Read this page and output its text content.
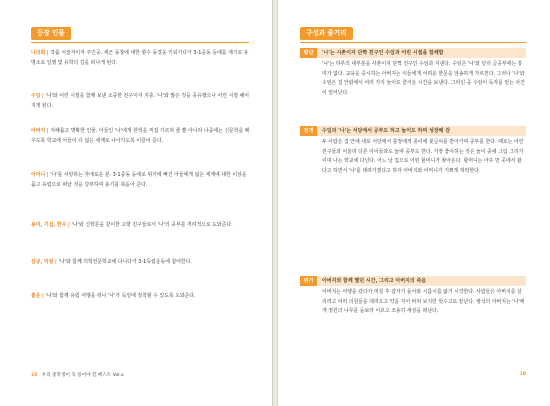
등장 인물
나의회 | 작품 서술자이자 주인공. 세군 동창에 대한 향수 동경을 키워가다가 3-1중동 등에를 계기로 유명소로 일했 및 유학의 길을 떠나게 된다.
수임 | '나'와 어린 시절을 함께 보낸 소중한 친구이자 지층. '나'와 많은 것을 공유했으나 어린 시절 헤어지게 된다.
아버지 | 지혜롭고 명확한 인물. 아들인 '나'에게 한학을 직접 가르쳐 줄 뿐 아니라 나중에는 신문학을 배우도록 학교에 아들이 더 넓은 세계로 나아가도록 이끌어 준다.
어머니 | '나'를 사랑하는 자애로운 분. 3-1중동 등에로 위기에 빠진 아들에게 넓은 세계에 대한 이상을 품고 유럽으로 떠날 것을 당부하며 용기를 북돋아 준다.
용미, 기섭, 한수 | '나'와 신학문을 같이한 고향 친구들로서 '나'의 공부를 격려적으로 도와준다.
삼규, 익원 | '나'와 함께 의학전문학교에 다니다가 3-1독립운동에 참여한다.
볼운 | '나'와 함께 유럽 여행을 떠나 '나'가 독일에 정착할 수 있도록 도와준다.
18 우리 중학생이 꼭 읽어야 할 베스트 Vol.x
구성과 줄거리
발단	'나'는 시촌이자 단짝 친구인 수임과 어린 시절을 함께함
'나'는 하루의 대부분을 사촌이자 단짝 친구인 수임과 지낸다. 수임은 '나'와 달리 글공부에는 흥미가 없다. 교육을 중시하는 아버지는 이들에게 어려운 한문을 암송하게 가르친다. 그러나 '나'와 수임은 집 안팎에서 여러 가지 놀이로 즐거운 시간을 보낸다. 그러던 중 수임이 독자를 얻는 사건이 일어난다.
전개	수임과 '나'는 서당에서 공부도 하고 놀이도 하며 성장해 감
두 사람은 집 안에 새로 서당에서 훈장에게 종이에 붓글씨를 받아가며 공부를 한다. 때로는 어린 친구들과 어울려 다른 아이들과도 놀며 공부도 한다. 가장 좋아하는 것은 놀이 중에 그림 그리기이며 나는 학교에 다닌다. 어느 날 집으로 어떤 할머니가 찾아온다. 할머니는 아주 먼 곳에서 왔다고 하면서 '나'를 데려가겠다고 하자 아버지와 어머니가 기쁘게 허락한다.
위기	아버지와 함께 했던 시간, 그리고 아버지의 죽음
어버지는 여행을 갔다가 며칠 후 갑자기 돌아와 시름시름 앓기 시작한다. 사람들은 아버지를 살리려고 여러 의원들을 데려오고 약을 지어 바쳐 보지만 헛수고로 끝난다. 병석의 아버지는 '나'에게 정원의 나무를 돌보라 이르고 조용히 세상을 떠난다.
19
